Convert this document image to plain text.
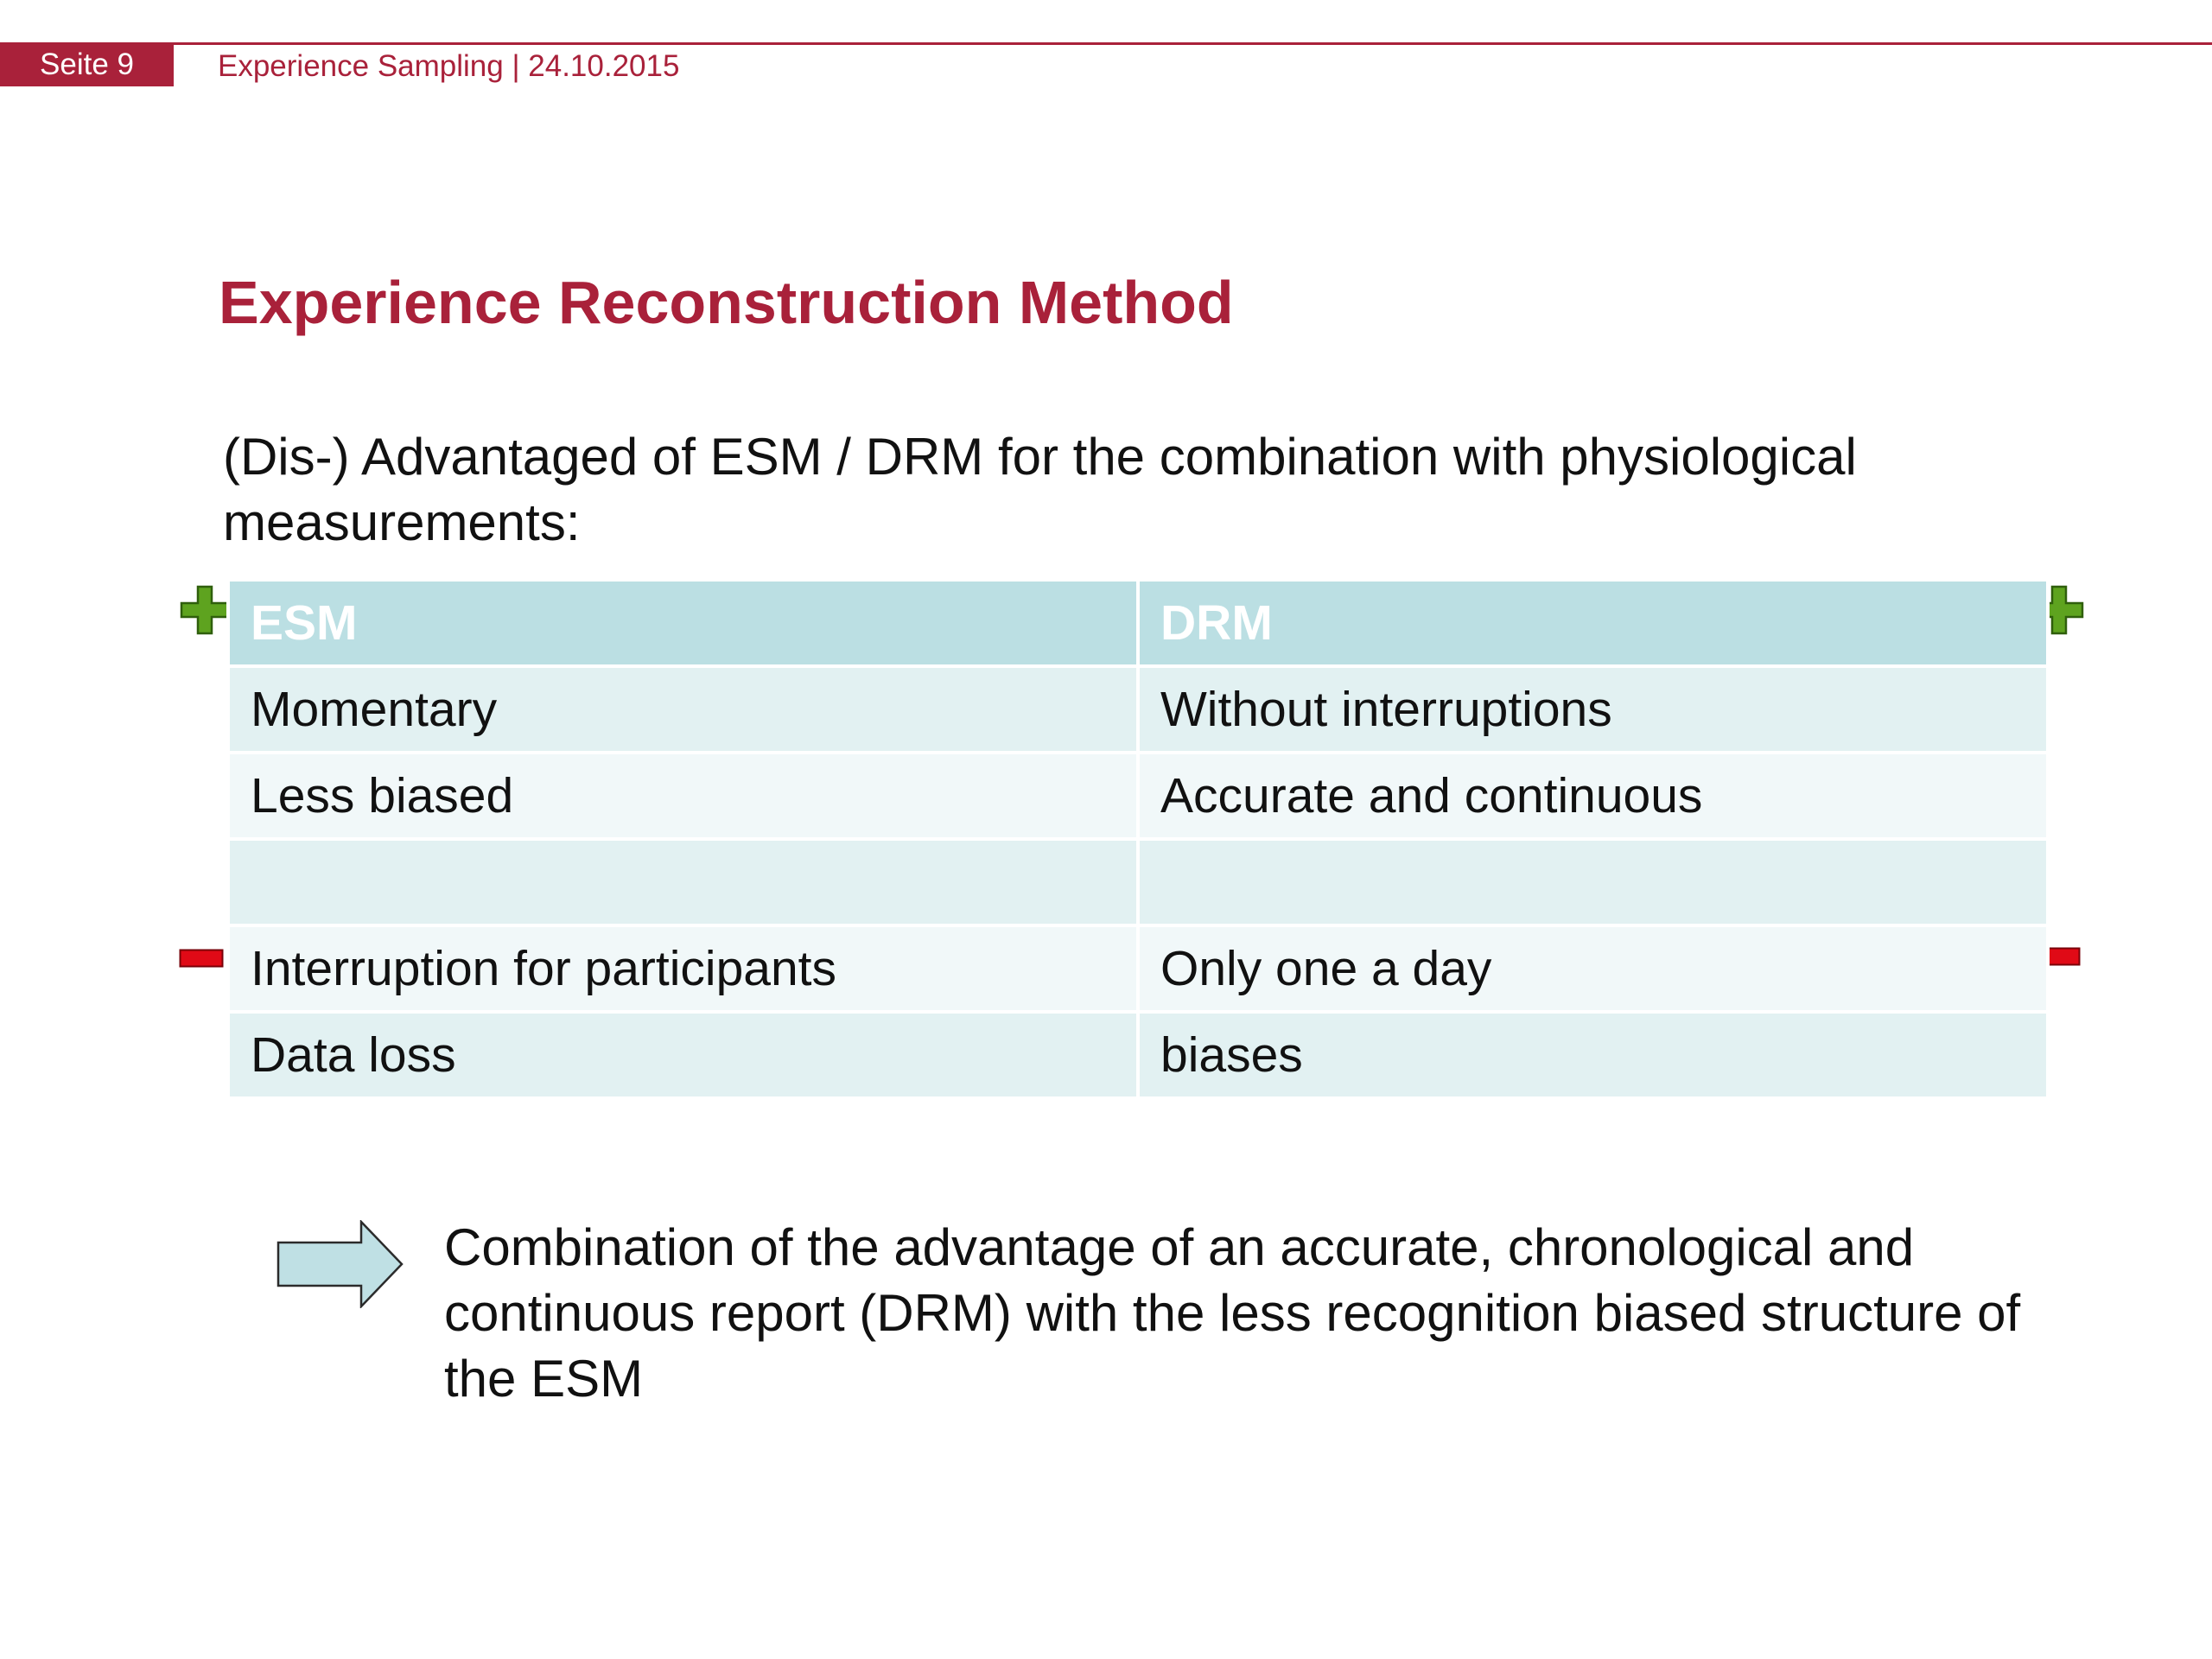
Seite 9	Experience Sampling | 24.10.2015
Experience Reconstruction Method
(Dis-) Advantaged of ESM / DRM for the combination with physiological measurements:
ESM	DRM
Momentary	Without interruptions
Less biased	Accurate and continuous

Interruption for participants	Only one a day
Data loss	biases
Combination of the advantage of an accurate, chronological and continuous report (DRM) with the less recognition biased structure of the ESM
